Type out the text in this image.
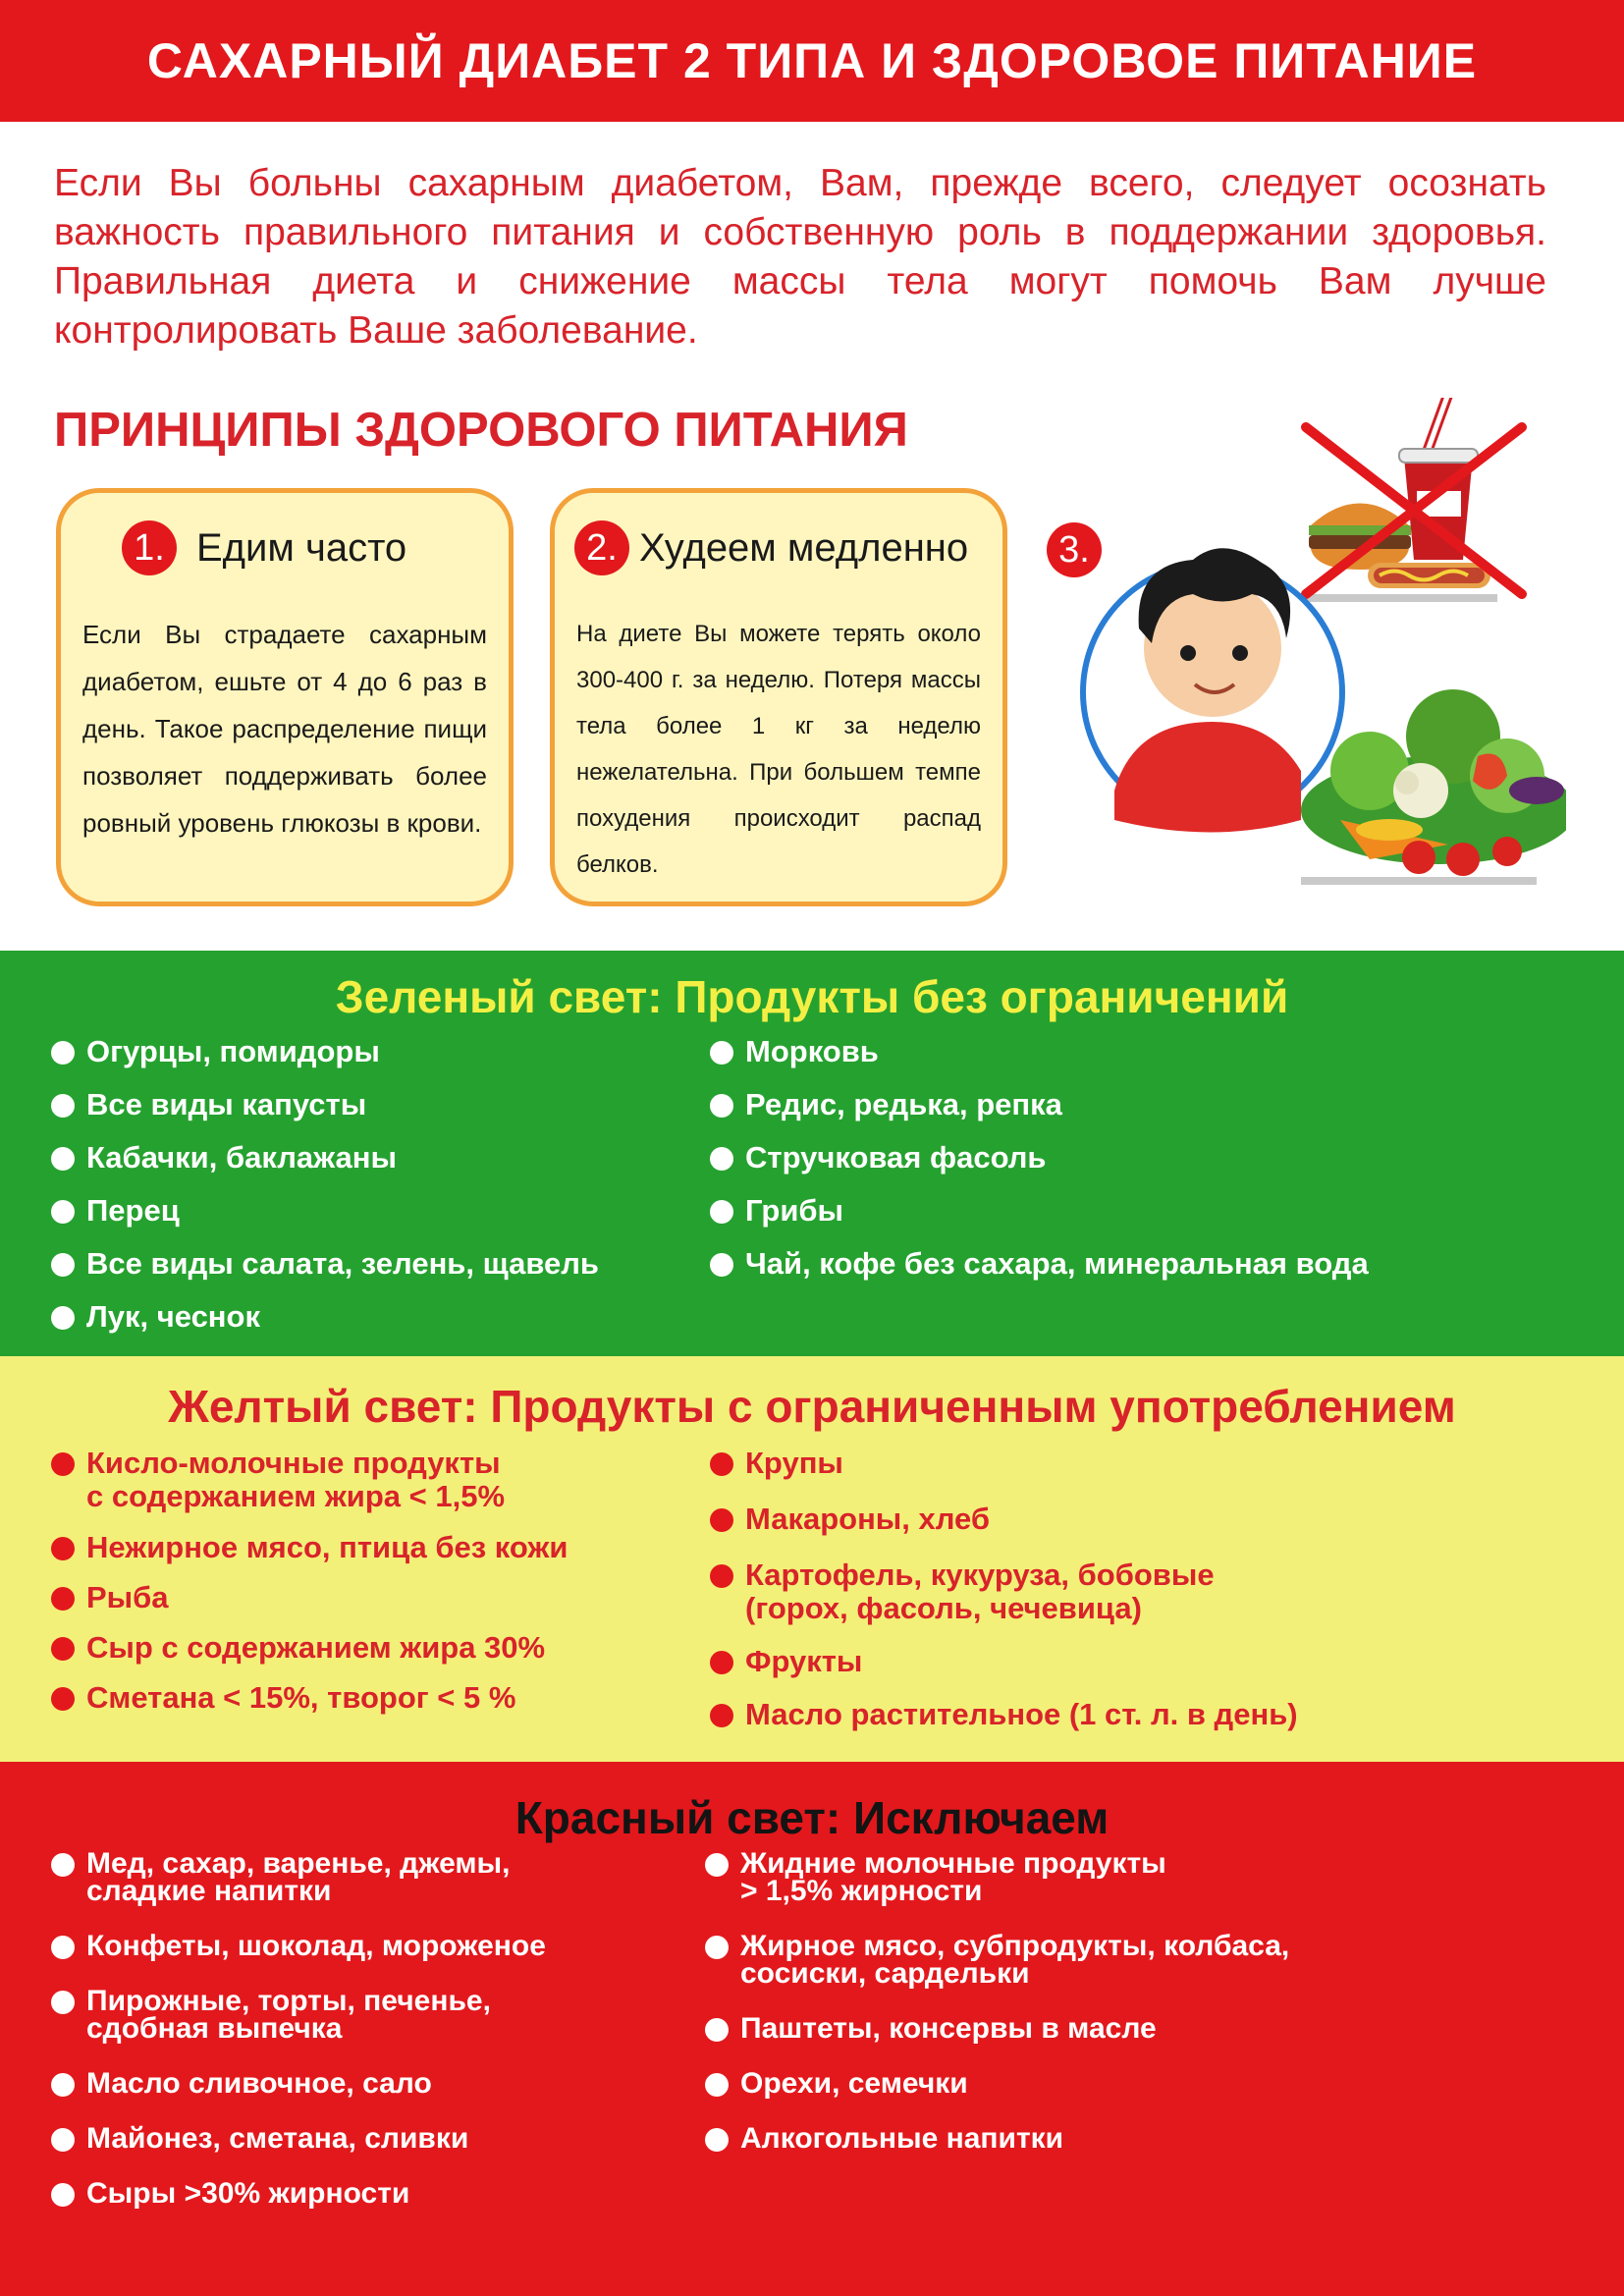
САХАРНЫЙ ДИАБЕТ 2 ТИПА И ЗДОРОВОЕ ПИТАНИЕ
Если Вы больны сахарным диабетом, Вам, прежде всего, следует осознать важность правильного питания и собственную роль в поддержании здоровья. Правильная диета и снижение массы тела могут помочь Вам лучше контролировать Ваше заболевание.
ПРИНЦИПЫ ЗДОРОВОГО ПИТАНИЯ
1. Едим часто
Если Вы страдаете сахарным диабетом, ешьте от 4 до 6 раз в день. Такое распределение пищи позволяет поддерживать более ровный уровень глюкозы в крови.
2. Худеем медленно
На диете Вы можете терять около 300-400 г. за неделю. Потеря массы тела более 1 кг за неделю нежелательна. При большем темпе похудения происходит распад белков.
3.
Зеленый свет: Продукты без ограничений
Огурцы, помидоры
Все виды капусты
Кабачки, баклажаны
Перец
Все виды салата, зелень, щавель
Лук, чеснок
Морковь
Редис, редька, репка
Стручковая фасоль
Грибы
Чай, кофе без сахара, минеральная вода
Желтый свет: Продукты с ограниченным употреблением
Кисло-молочные продукты
с содержанием жира < 1,5%
Нежирное мясо, птица без кожи
Рыба
Сыр с содержанием жира 30%
Сметана < 15%, творог < 5 %
Крупы
Макароны, хлеб
Картофель, кукуруза, бобовые
(горох, фасоль, чечевица)
Фрукты
Масло растительное (1 ст. л. в день)
Красный свет: Исключаем
Мед, сахар, варенье, джемы,
сладкие напитки
Конфеты, шоколад, мороженое
Пирожные, торты, печенье,
сдобная выпечка
Масло сливочное, сало
Майонез, сметана, сливки
Сыры >30% жирности
Жидние молочные продукты
> 1,5% жирности
Жирное мясо, субпродукты, колбаса,
сосиски, сардельки
Паштеты, консервы в масле
Орехи, семечки
Алкогольные напитки
